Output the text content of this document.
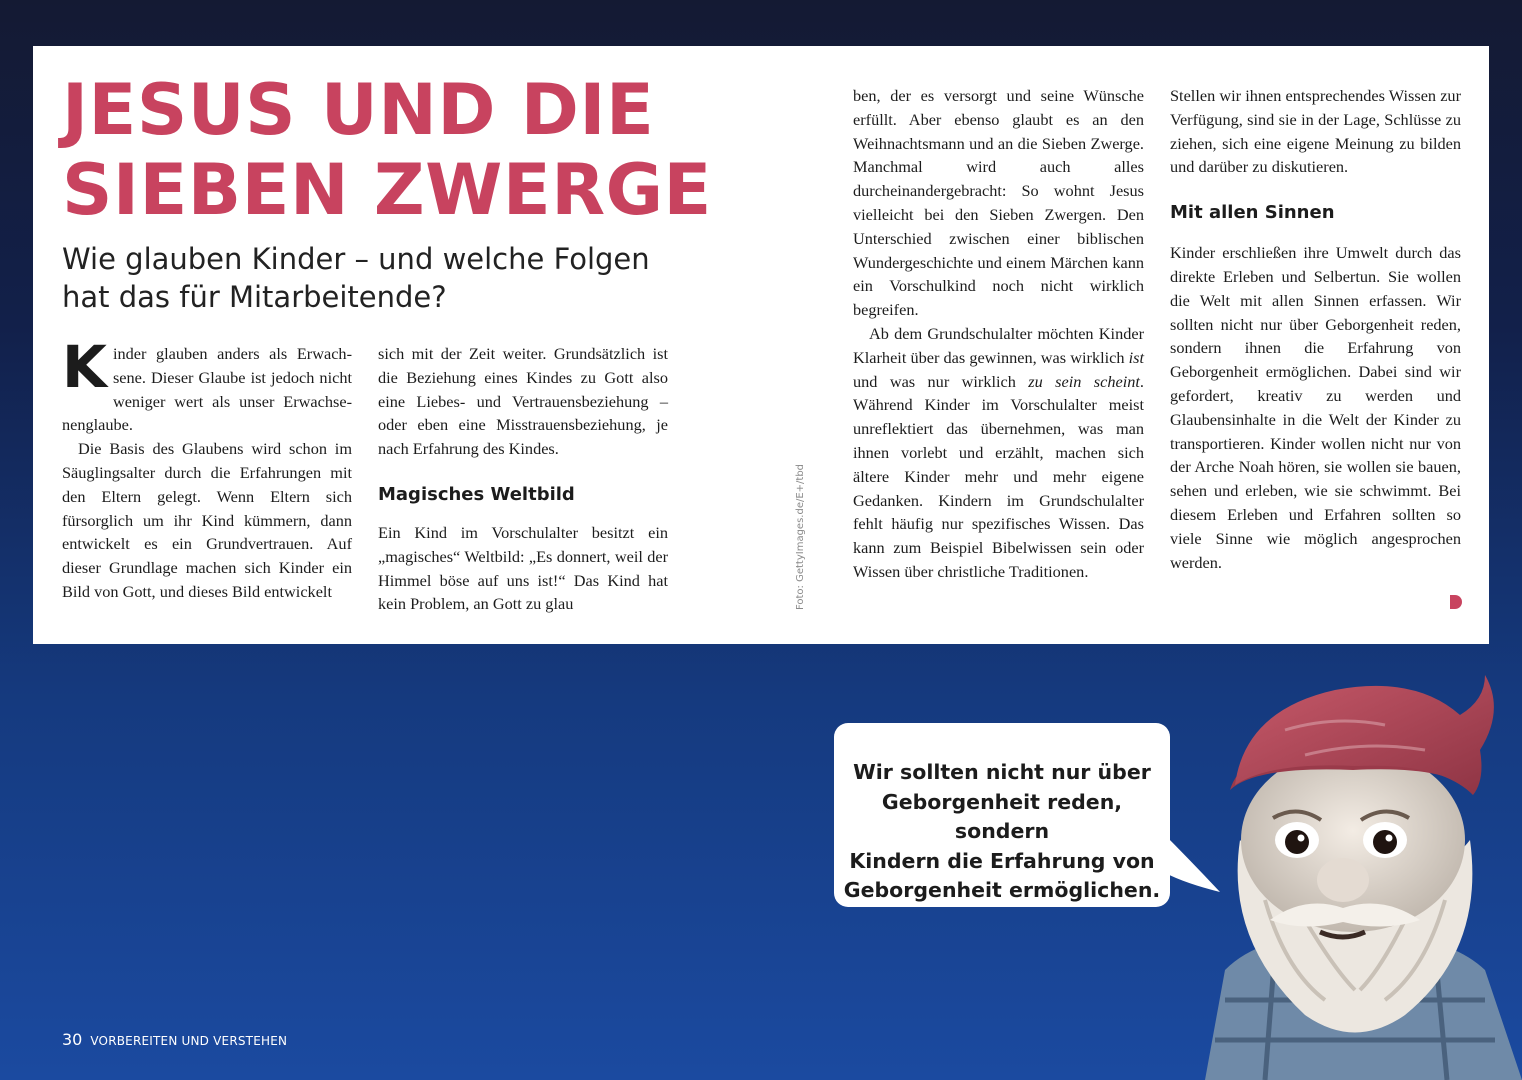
JESUS UND DIE
SIEBEN ZWERGE
Wie glauben Kinder – und welche Folgen
hat das für Mitarbeitende?

Kinder glauben anders als Erwachsene. Dieser Glaube ist jedoch nicht weniger wert als unser Erwachsenenglaube.

Die Basis des Glaubens wird schon im Säuglingsalter durch die Erfahrungen mit den Eltern gelegt. Wenn Eltern sich fürsorglich um ihr Kind kümmern, dann entwickelt es ein Grundvertrauen. Auf dieser Grundlage machen sich Kinder ein Bild von Gott, und dieses Bild entwickelt

sich mit der Zeit weiter. Grundsätzlich ist die Beziehung eines Kindes zu Gott also eine Liebes- und Vertrauensbeziehung – oder eben eine Misstrauensbeziehung, je nach Erfahrung des Kindes.

Magisches Weltbild

Ein Kind im Vorschulalter besitzt ein „magisches“ Weltbild: „Es donnert, weil der Himmel böse auf uns ist!“ Das Kind hat kein Problem, an Gott zu glau	Foto: GettyImages.de/E+/tbd

ben, der es versorgt und seine Wünsche erfüllt. Aber ebenso glaubt es an den Weihnachtsmann und an die Sieben Zwerge. Manchmal wird auch alles durcheinandergebracht: So wohnt Jesus vielleicht bei den Sieben Zwergen. Den Unterschied zwischen einer biblischen Wundergeschichte und einem Märchen kann ein Vorschulkind noch nicht wirklich begreifen.

Ab dem Grundschulalter möchten Kinder Klarheit über das gewinnen, was wirklich ist und was nur wirklich zu sein scheint. Während Kinder im Vorschulalter meist unreflektiert das übernehmen, was man ihnen vorlebt und erzählt, machen sich ältere Kinder mehr und mehr eigene Gedanken. Kindern im Grundschulalter fehlt häufig nur spezifisches Wissen. Das kann zum Beispiel Bibelwissen sein oder Wissen über christliche Traditionen.

Stellen wir ihnen entsprechendes Wissen zur Verfügung, sind sie in der Lage, Schlüsse zu ziehen, sich eine eigene Meinung zu bilden und darüber zu diskutieren.

Mit allen Sinnen

Kinder erschließen ihre Umwelt durch das direkte Erleben und Selbertun. Sie wollen die Welt mit allen Sinnen erfassen. Wir sollten nicht nur über Geborgenheit reden, sondern ihnen die Erfahrung von Geborgenheit ermöglichen. Dabei sind wir gefordert, kreativ zu werden und Glaubensinhalte in die Welt der Kinder zu transportieren. Kinder wollen nicht nur von der Arche Noah hören, sie wollen sie bauen, sehen und erleben, wie sie schwimmt. Bei diesem Erleben und Erfahren sollten so viele Sinne wie möglich angesprochen werden.

Wir sollten nicht nur über
Geborgenheit reden, sondern
Kindern die Erfahrung von
Geborgenheit ermöglichen.
30 VORBEREITEN UND VERSTEHEN
